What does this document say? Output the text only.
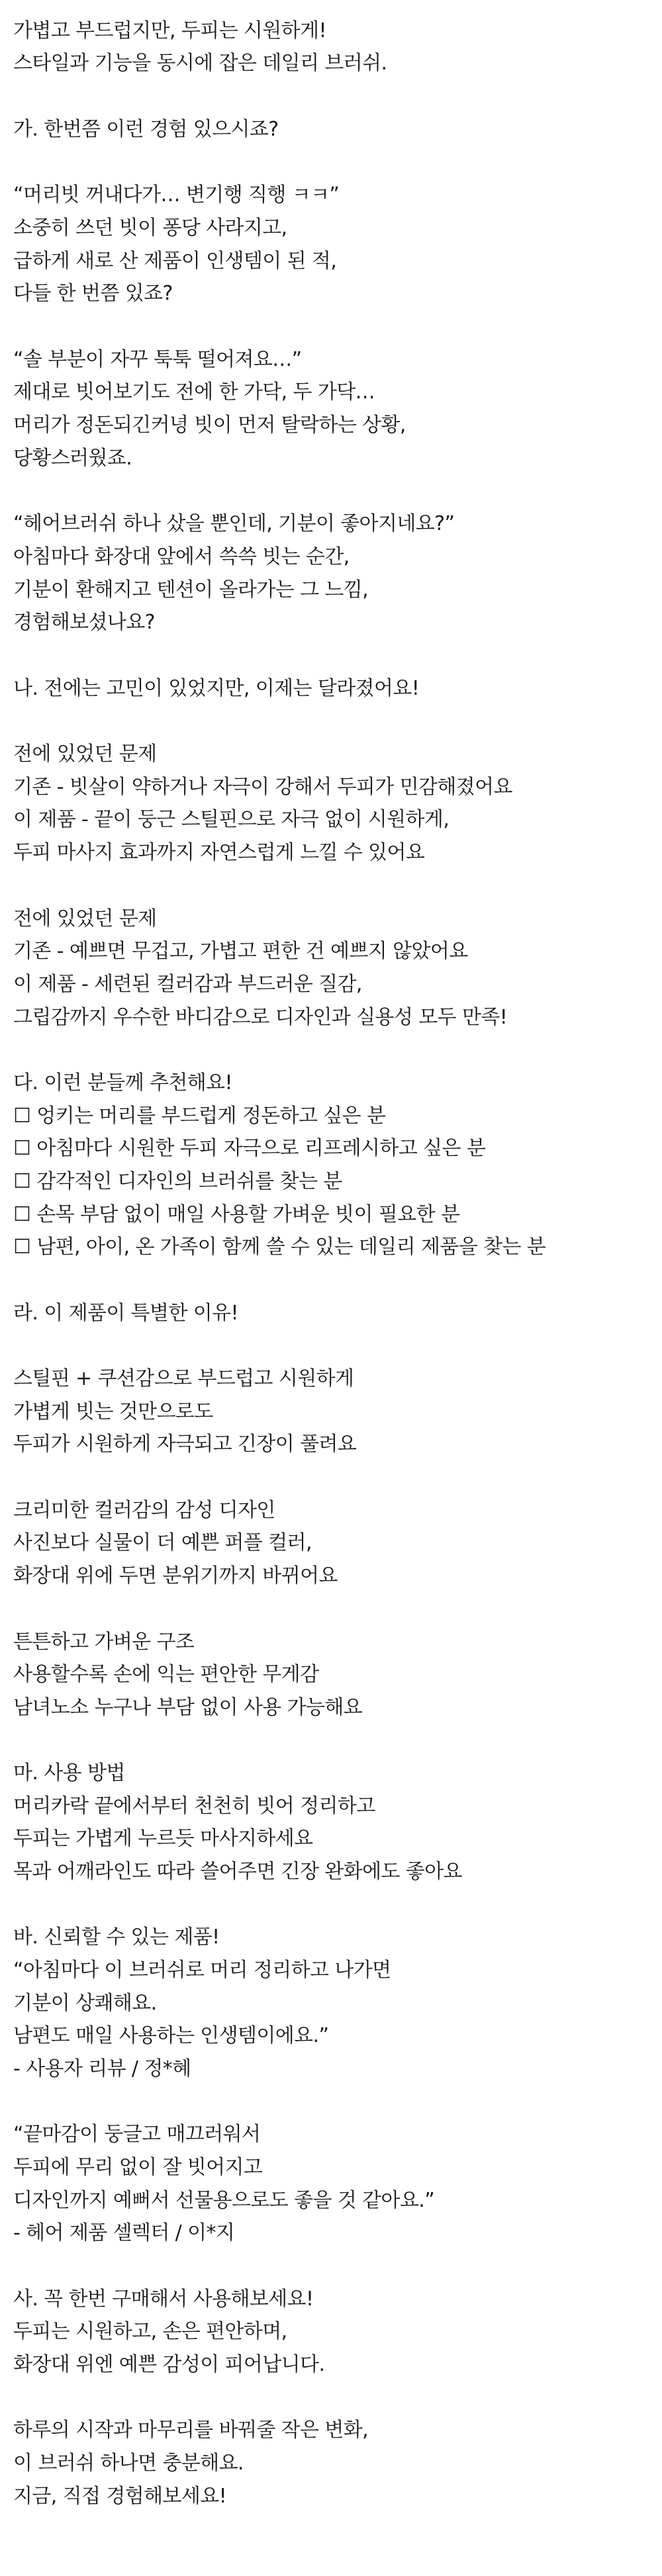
가볍고 부드럽지만, 두피는 시원하게!

스타일과 기능을 동시에 잡은 데일리 브러쉬.

가. 한번쯤 이런 경험 있으시죠?

“머리빗 꺼내다가… 변기행 직행 ㅋㅋ”

소중히 쓰던 빗이 퐁당 사라지고,

급하게 새로 산 제품이 인생템이 된 적,

다들 한 번쯤 있죠?

“솔 부분이 자꾸 툭툭 떨어져요…”

제대로 빗어보기도 전에 한 가닥, 두 가닥…

머리가 정돈되긴커녕 빗이 먼저 탈락하는 상황,

당황스러웠죠.

“헤어브러쉬 하나 샀을 뿐인데, 기분이 좋아지네요?”

아침마다 화장대 앞에서 쓱쓱 빗는 순간,

기분이 환해지고 텐션이 올라가는 그 느낌,

경험해보셨나요?

나. 전에는 고민이 있었지만, 이제는 달라졌어요!

전에 있었던 문제

기존 - 빗살이 약하거나 자극이 강해서 두피가 민감해졌어요

이 제품 - 끝이 둥근 스틸핀으로 자극 없이 시원하게,

두피 마사지 효과까지 자연스럽게 느낄 수 있어요

전에 있었던 문제

기존 - 예쁘면 무겁고, 가볍고 편한 건 예쁘지 않았어요

이 제품 - 세련된 컬러감과 부드러운 질감,

그립감까지 우수한 바디감으로 디자인과 실용성 모두 만족!

다. 이런 분들께 추천해요!

☐ 엉키는 머리를 부드럽게 정돈하고 싶은 분

☐ 아침마다 시원한 두피 자극으로 리프레시하고 싶은 분

☐ 감각적인 디자인의 브러쉬를 찾는 분

☐ 손목 부담 없이 매일 사용할 가벼운 빗이 필요한 분

☐ 남편, 아이, 온 가족이 함께 쓸 수 있는 데일리 제품을 찾는 분

라. 이 제품이 특별한 이유!

스틸핀 + 쿠션감으로 부드럽고 시원하게

가볍게 빗는 것만으로도

두피가 시원하게 자극되고 긴장이 풀려요

크리미한 컬러감의 감성 디자인

사진보다 실물이 더 예쁜 퍼플 컬러,

화장대 위에 두면 분위기까지 바뀌어요

튼튼하고 가벼운 구조

사용할수록 손에 익는 편안한 무게감

남녀노소 누구나 부담 없이 사용 가능해요

마. 사용 방법

머리카락 끝에서부터 천천히 빗어 정리하고

두피는 가볍게 누르듯 마사지하세요

목과 어깨라인도 따라 쓸어주면 긴장 완화에도 좋아요

바. 신뢰할 수 있는 제품!

“아침마다 이 브러쉬로 머리 정리하고 나가면

기분이 상쾌해요.

남편도 매일 사용하는 인생템이에요.”

- 사용자 리뷰 / 정*혜

“끝마감이 둥글고 매끄러워서

두피에 무리 없이 잘 빗어지고

디자인까지 예뻐서 선물용으로도 좋을 것 같아요.”

- 헤어 제품 셀렉터 / 이*지

사. 꼭 한번 구매해서 사용해보세요!

두피는 시원하고, 손은 편안하며,

화장대 위엔 예쁜 감성이 피어납니다.

하루의 시작과 마무리를 바꿔줄 작은 변화,

이 브러쉬 하나면 충분해요.

지금, 직접 경험해보세요!
